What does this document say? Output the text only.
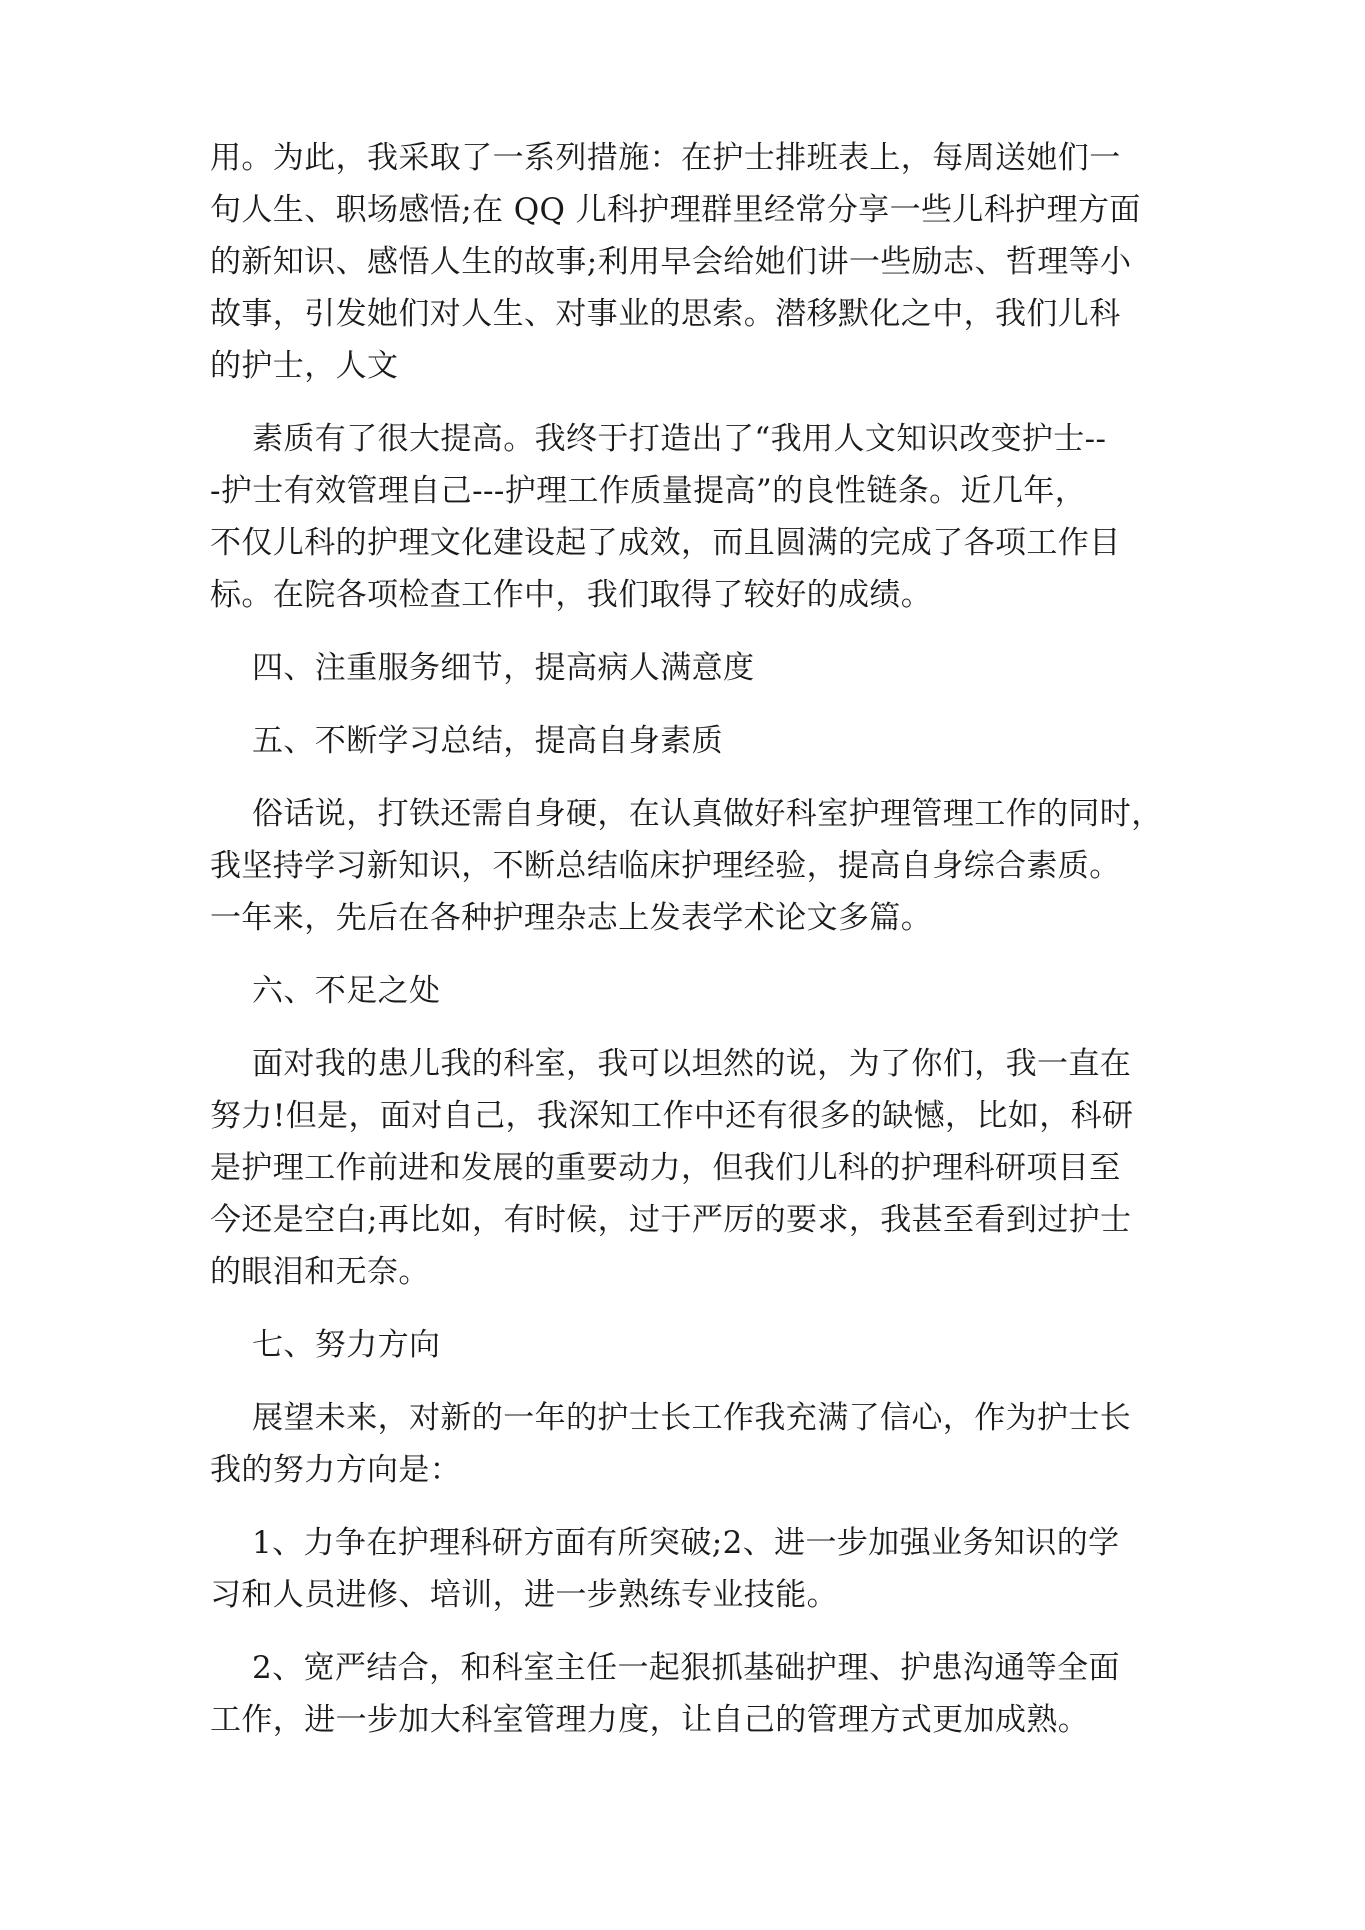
用。为此，我采取了一系列措施：在护士排班表上，每周送她们一
句人生、职场感悟;在 QQ 儿科护理群里经常分享一些儿科护理方面
的新知识、感悟人生的故事;利用早会给她们讲一些励志、哲理等小
故事，引发她们对人生、对事业的思索。潜移默化之中，我们儿科
的护士，人文
素质有了很大提高。我终于打造出了“我用人文知识改变护士--
-护士有效管理自己---护理工作质量提高”的良性链条。近几年，
不仅儿科的护理文化建设起了成效，而且圆满的完成了各项工作目
标。在院各项检查工作中，我们取得了较好的成绩。
四、注重服务细节，提高病人满意度
五、不断学习总结，提高自身素质
俗话说，打铁还需自身硬，在认真做好科室护理管理工作的同时，
我坚持学习新知识，不断总结临床护理经验，提高自身综合素质。
一年来，先后在各种护理杂志上发表学术论文多篇。
六、不足之处
面对我的患儿我的科室，我可以坦然的说，为了你们，我一直在
努力!但是，面对自己，我深知工作中还有很多的缺憾，比如，科研
是护理工作前进和发展的重要动力，但我们儿科的护理科研项目至
今还是空白;再比如，有时候，过于严厉的要求，我甚至看到过护士
的眼泪和无奈。
七、努力方向
展望未来，对新的一年的护士长工作我充满了信心，作为护士长
我的努力方向是：
1、力争在护理科研方面有所突破;2、进一步加强业务知识的学
习和人员进修、培训，进一步熟练专业技能。
2、宽严结合，和科室主任一起狠抓基础护理、护患沟通等全面
工作，进一步加大科室管理力度，让自己的管理方式更加成熟。
